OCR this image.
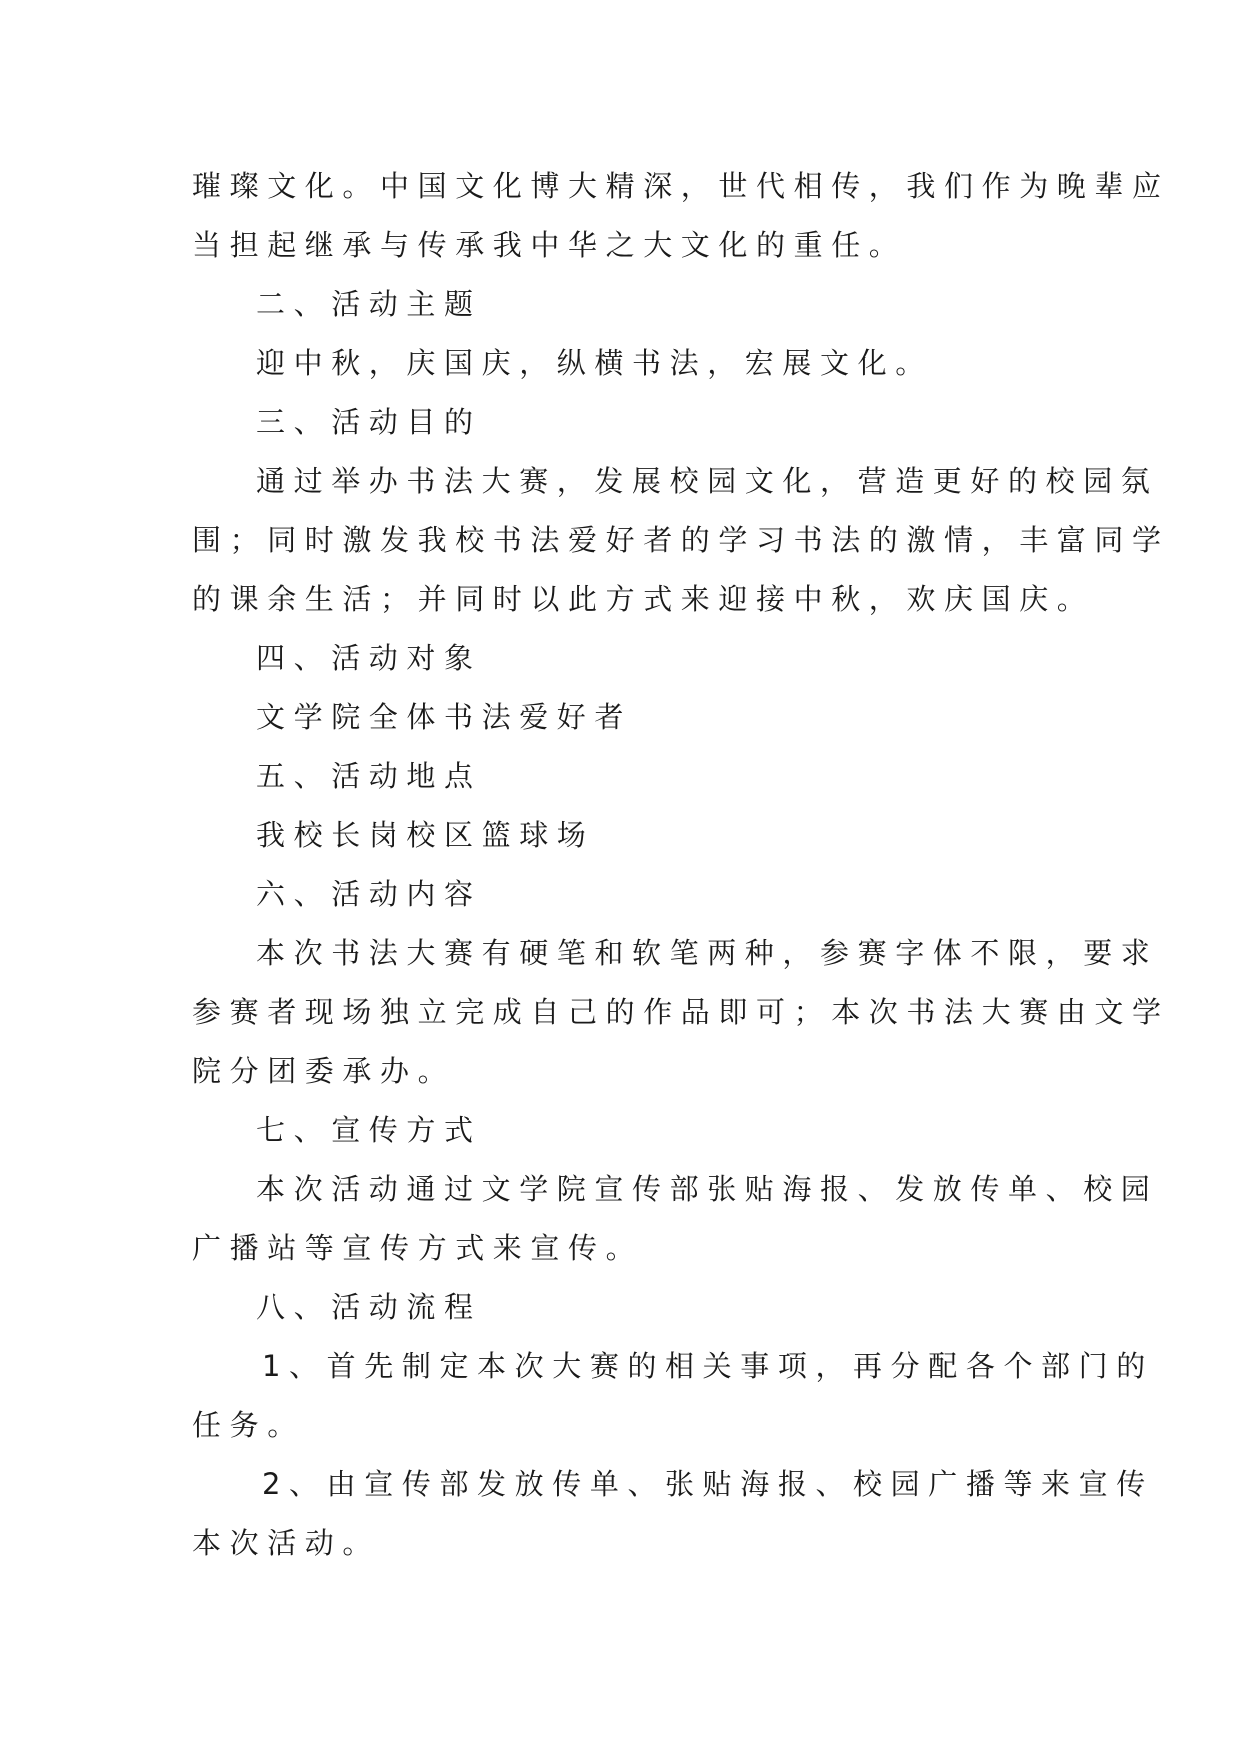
璀璨文化。中国文化博大精深，世代相传，我们作为晚辈应

当担起继承与传承我中华之大文化的重任。

二、活动主题

迎中秋，庆国庆，纵横书法，宏展文化。

三、活动目的

通过举办书法大赛，发展校园文化，营造更好的校园氛

围；同时激发我校书法爱好者的学习书法的激情，丰富同学

的课余生活；并同时以此方式来迎接中秋，欢庆国庆。

四、活动对象

文学院全体书法爱好者

五、活动地点

我校长岗校区篮球场

六、活动内容

本次书法大赛有硬笔和软笔两种，参赛字体不限，要求

参赛者现场独立完成自己的作品即可；本次书法大赛由文学

院分团委承办。

七、宣传方式

本次活动通过文学院宣传部张贴海报、发放传单、校园

广播站等宣传方式来宣传。

八、活动流程

1、首先制定本次大赛的相关事项，再分配各个部门的

任务。

2、由宣传部发放传单、张贴海报、校园广播等来宣传

本次活动。
